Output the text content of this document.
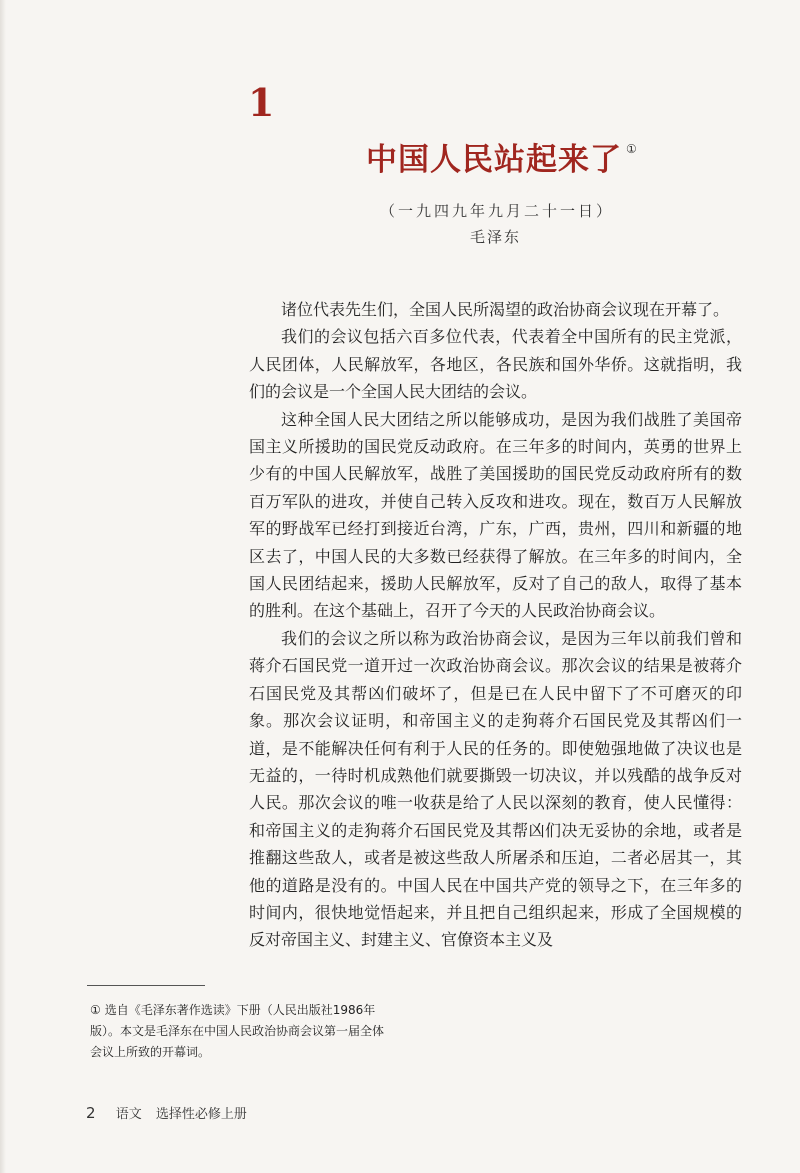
1
中国人民站起来了 ①
（一九四九年九月二十一日）
毛泽东

诸位代表先生们，全国人民所渴望的政治协商会议现在开幕了。

我们的会议包括六百多位代表，代表着全中国所有的民主党派，人民团体，人民解放军，各地区，各民族和国外华侨。这就指明，我们的会议是一个全国人民大团结的会议。

这种全国人民大团结之所以能够成功，是因为我们战胜了美国帝国主义所援助的国民党反动政府。在三年多的时间内，英勇的世界上少有的中国人民解放军，战胜了美国援助的国民党反动政府所有的数百万军队的进攻，并使自己转入反攻和进攻。现在，数百万人民解放军的野战军已经打到接近台湾，广东，广西，贵州，四川和新疆的地区去了，中国人民的大多数已经获得了解放。在三年多的时间内，全国人民团结起来，援助人民解放军，反对了自己的敌人，取得了基本的胜利。在这个基础上，召开了今天的人民政治协商会议。

我们的会议之所以称为政治协商会议，是因为三年以前我们曾和蒋介石国民党一道开过一次政治协商会议。那次会议的结果是被蒋介石国民党及其帮凶们破坏了，但是已在人民中留下了不可磨灭的印象。那次会议证明，和帝国主义的走狗蒋介石国民党及其帮凶们一道，是不能解决任何有利于人民的任务的。即使勉强地做了决议也是无益的，一待时机成熟他们就要撕毁一切决议，并以残酷的战争反对人民。那次会议的唯一收获是给了人民以深刻的教育，使人民懂得：和帝国主义的走狗蒋介石国民党及其帮凶们决无妥协的余地，或者是推翻这些敌人，或者是被这些敌人所屠杀和压迫，二者必居其一，其他的道路是没有的。中国人民在中国共产党的领导之下，在三年多的时间内，很快地觉悟起来，并且把自己组织起来，形成了全国规模的反对帝国主义、封建主义、官僚资本主义及

① 选自《毛泽东著作选读》下册（人民出版社1986年版）。本文是毛泽东在中国人民政治协商会议第一届全体会议上所致的开幕词。
2 语文 选择性必修上册
